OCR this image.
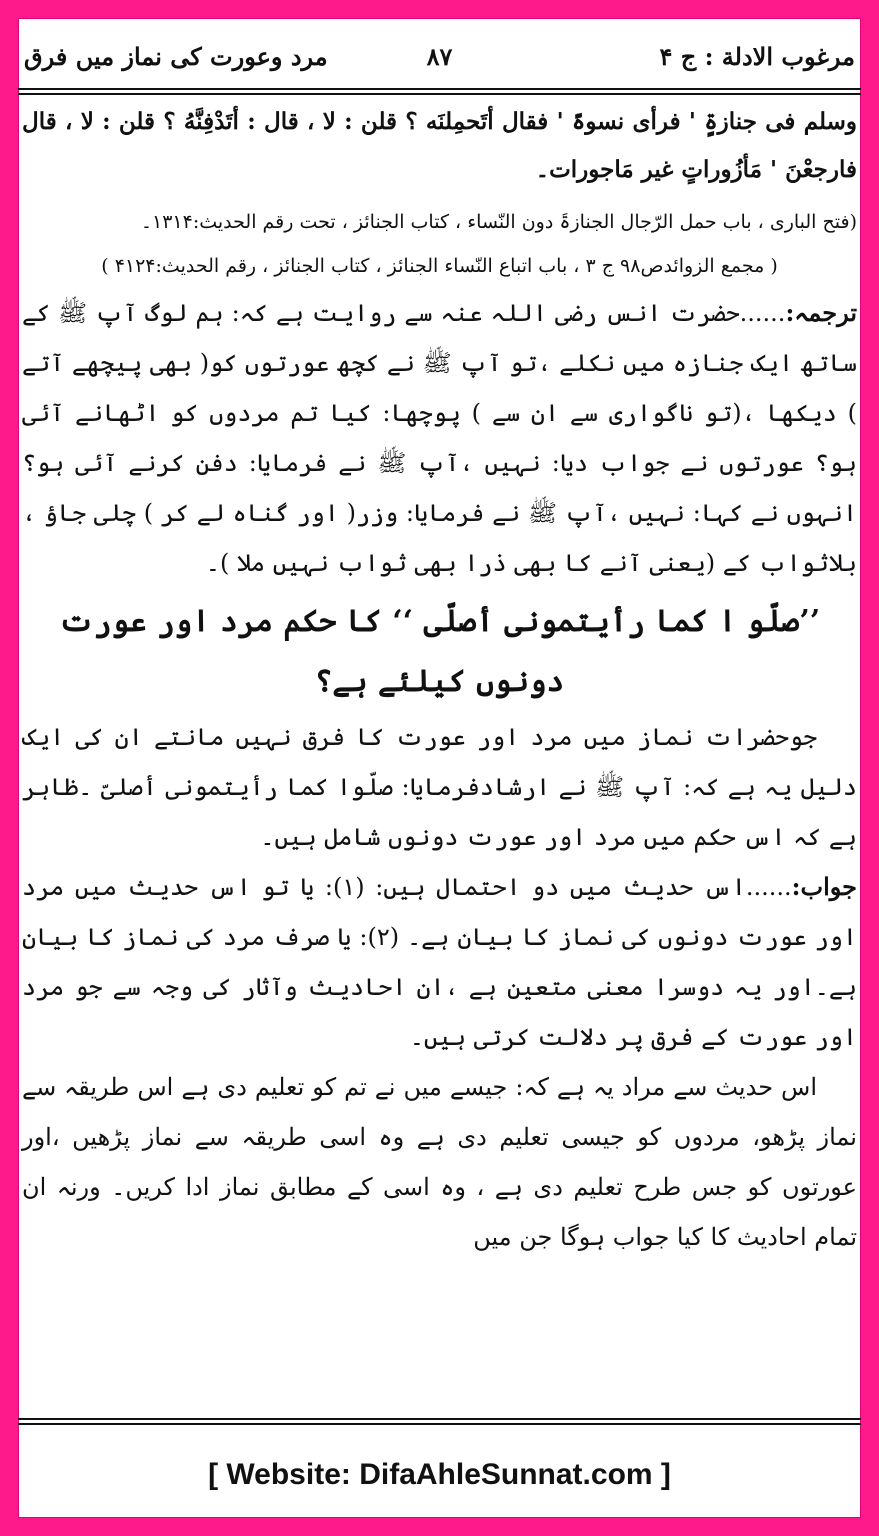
مرغوب الادلة : ج ۴
۸۷
مرد وعورت کی نماز میں فرق

وسلم فی جنازۃٍ ' فرأی نسوۃً ' فقال أتَحمِلنَه ؟ قلن : لا ، قال : أتَدْفِنَّهُ ؟ قلن : لا ، قال فارجعْنَ ' مَأزُوراتٍ غیر مَاجورات۔

(فتح الباری ، باب حمل الرّجال الجنازۃَ دون النّساء ، کتاب الجنائز ، تحت رقم الحدیث:۱۳۱۴۔

( مجمع الزوائدص۹۸ ج ۳ ، باب اتباع النّساء الجنائز ، کتاب الجنائز ، رقم الحدیث:۴۱۲۴ )

ترجمہ:......حضرت انس رضی اللہ عنہ سے روایت ہے کہ: ہم لوگ آپ ﷺ کے ساتھ ایک جنازہ میں نکلے ،تو آپ ﷺ نے کچھ عورتوں کو( بھی پیچھے آتے ) دیکھا ،(تو ناگواری سے ان سے ) پوچھا: کیا تم مردوں کو اٹھانے آئی ہو؟ عورتوں نے جواب دیا: نہیں ،آپ ﷺ نے فرمایا: دفن کرنے آئی ہو؟ انہوں نے کہا: نہیں ،آپ ﷺ نے فرمایا: وزر( اور گناہ لے کر ) چلی جاؤ ، بلاثواب کے (یعنی آنے کا بھی ذرا بھی ثواب نہیں ملا )۔

’’صلّو ا کما رأیتمونی أصلّی ‘‘ کا حکم مرد اور عورت دونوں کیلئے ہے؟

جوحضرات نماز میں مرد اور عورت کا فرق نہیں مانتے ان کی ایک دلیل یہ ہے کہ: آپ ﷺ نے ارشادفرمایا: صلّوا کما رأیتمونی أصلیّ ۔ظاہر ہے کہ اس حکم میں مرد اور عورت دونوں شامل ہیں۔

جواب:......اس حدیث میں دو احتمال ہیں: (۱): یا تو اس حدیث میں مرد اور عورت دونوں کی نماز کا بیان ہے۔ (۲): یا صرف مرد کی نماز کا بیان ہے۔اور یہ دوسرا معنی متعین ہے ،ان احادیث وآثار کی وجہ سے جو مرد اور عورت کے فرق پر دلالت کرتی ہیں۔

اس حدیث سے مراد یہ ہے کہ: جیسے میں نے تم کو تعلیم دی ہے اس طریقہ سے نماز پڑھو، مردوں کو جیسی تعلیم دی ہے وہ اسی طریقہ سے نماز پڑھیں ،اور عورتوں کو جس طرح تعلیم دی ہے ، وہ اسی کے مطابق نماز ادا کریں۔ ورنہ ان تمام احادیث کا کیا جواب ہوگا جن میں

[ Website: DifaAhleSunnat.com ]
